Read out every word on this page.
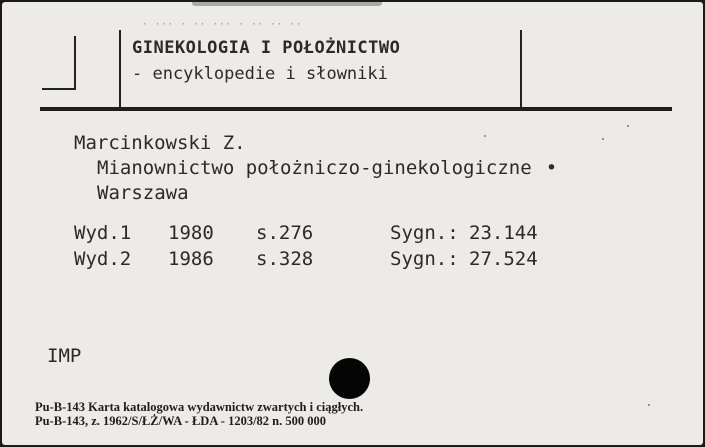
· ··· · ·· ··· · ·· ·· ··
GINEKOLOGIA I POŁOŻNICTWO
- encyklopedie i słowniki
Marcinkowski Z.
Mianownictwo położniczo-ginekologiczne •
Warszawa
Wyd.1 1980 s.276	Sygn.: 23.144
Wyd.2 1986 s.328	Sygn.: 27.524
IMP
Pu-B-143 Karta katalogowa wydawnictw zwartych i ciągłych.
Pu-B-143, z. 1962/S/ŁŻ/WA - ŁDA - 1203/82 n. 500 000
